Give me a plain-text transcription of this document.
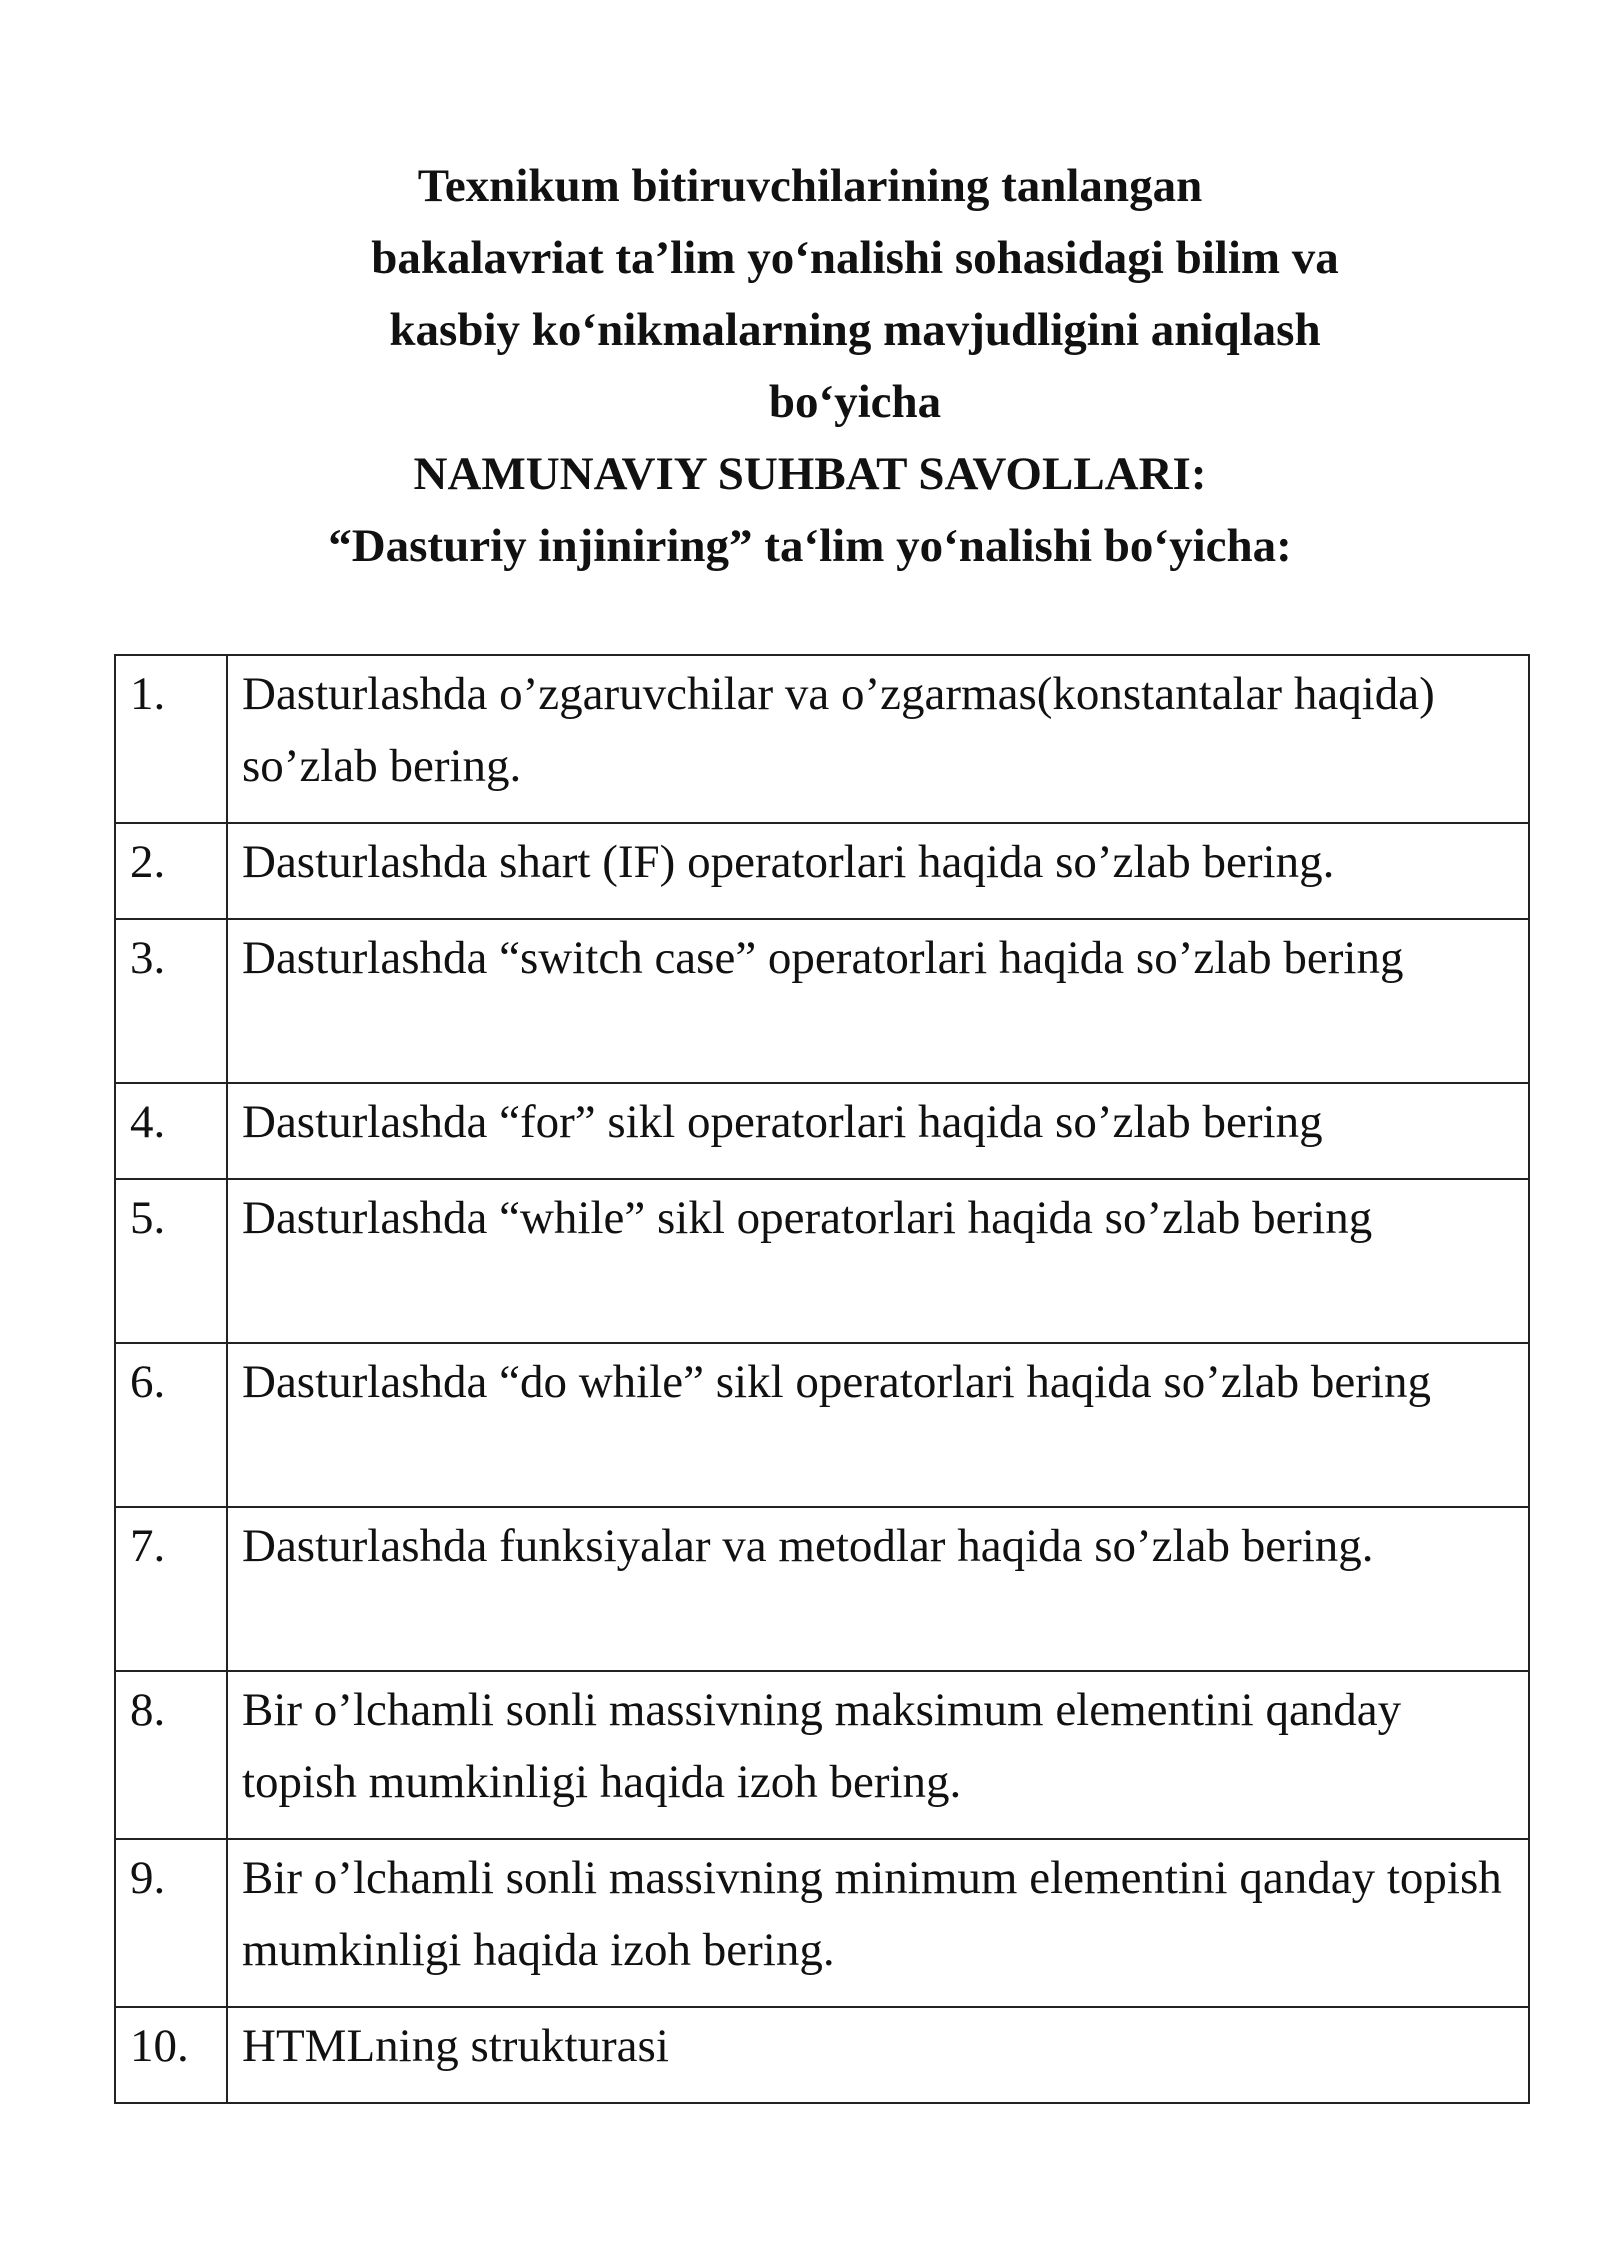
Texnikum bitiruvchilarining tanlangan
bakalavriat ta’lim yo‘nalishi sohasidagi bilim va
kasbiy ko‘nikmalarning mavjudligini aniqlash
bo‘yicha
NAMUNAVIY SUHBAT SAVOLLARI:
“Dasturiy injiniring” ta‘lim yo‘nalishi bo‘yicha:
1.	Dasturlashda o’zgaruvchilar va o’zgarmas(konstantalar haqida) so’zlab bering.
2.	Dasturlashda shart (IF) operatorlari haqida so’zlab bering.
3.	Dasturlashda “switch case” operatorlari haqida so’zlab bering
4.	Dasturlashda “for” sikl operatorlari haqida so’zlab bering
5.	Dasturlashda “while” sikl operatorlari haqida so’zlab bering
6.	Dasturlashda “do while” sikl operatorlari haqida so’zlab bering
7.	Dasturlashda funksiyalar va metodlar haqida so’zlab bering.
8.	Bir o’lchamli sonli massivning maksimum elementini qanday topish mumkinligi haqida izoh bering.
9.	Bir o’lchamli sonli massivning minimum elementini qanday topish mumkinligi haqida izoh bering.
10.	HTMLning strukturasi
